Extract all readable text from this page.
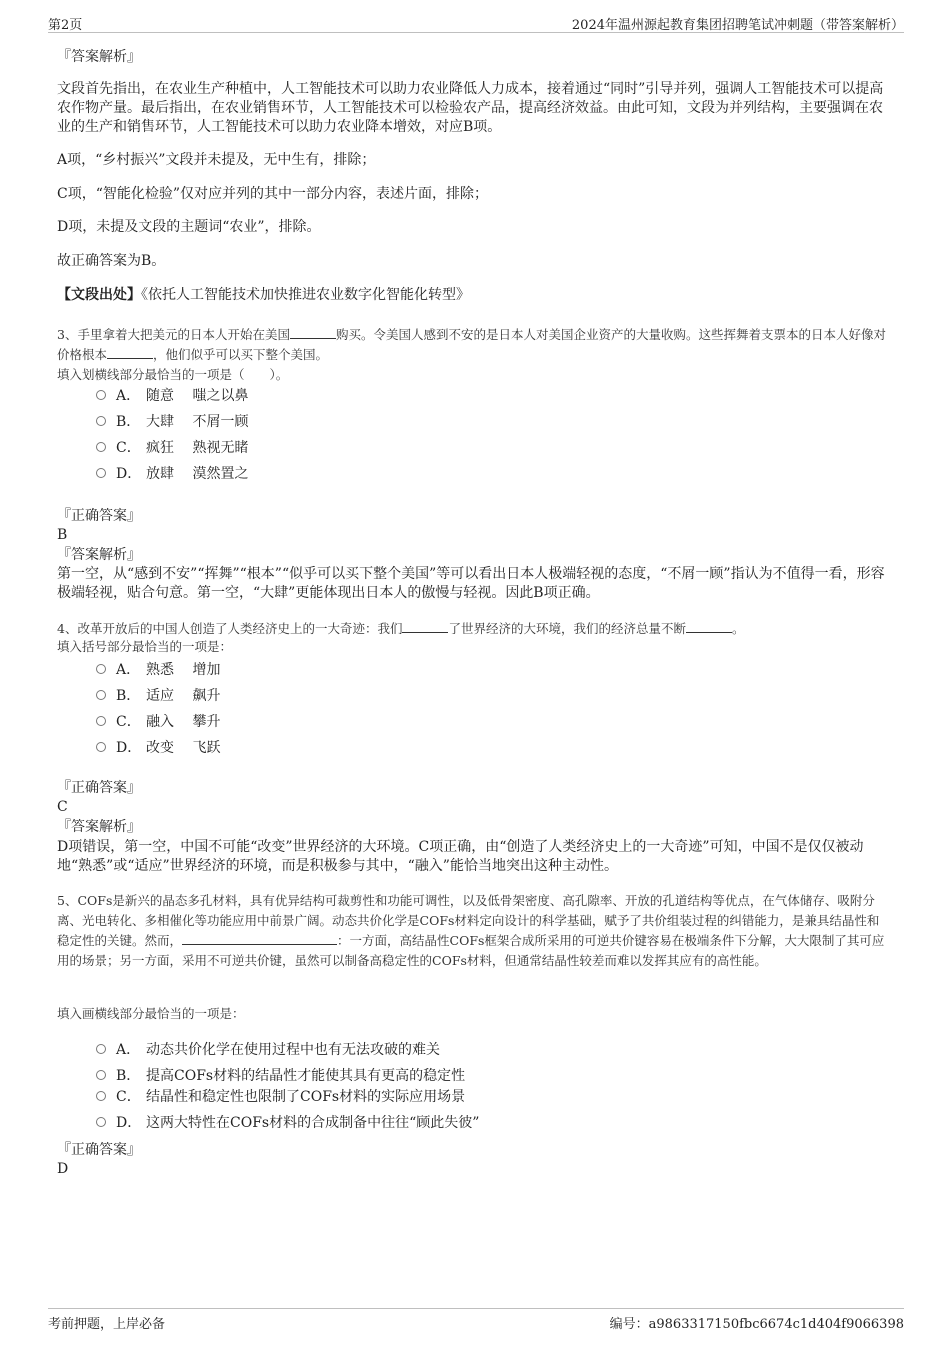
第2页	2024年温州源起教育集团招聘笔试冲刺题（带答案解析）
『答案解析』
文段首先指出，在农业生产种植中，人工智能技术可以助力农业降低人力成本，接着通过“同时”引导并列，强调人工智能技术可以提高农作物产量。最后指出，在农业销售环节，人工智能技术可以检验农产品，提高经济效益。由此可知，文段为并列结构，主要强调在农业的生产和销售环节，人工智能技术可以助力农业降本增效，对应B项。
A项，“乡村振兴”文段并未提及，无中生有，排除；
C项，“智能化检验”仅对应并列的其中一部分内容，表述片面，排除；
D项，未提及文段的主题词“农业”，排除。
故正确答案为B。
【文段出处】《依托人工智能技术加快推进农业数字化智能化转型》
3、手里拿着大把美元的日本人开始在美国	购买。令美国人感到不安的是日本人对美国企业资产的大量收购。这些挥舞着支票本的日本人好像对价格根本	，他们似乎可以买下整个美国。
填入划横线部分最恰当的一项是（　　）。
A． 随意　 嗤之以鼻
B． 大肆　 不屑一顾
C． 疯狂　 熟视无睹
D． 放肆　 漠然置之
『正确答案』
B
『答案解析』
第一空，从“感到不安”“挥舞”“根本”“似乎可以买下整个美国”等可以看出日本人极端轻视的态度，“不屑一顾”指认为不值得一看，形容极端轻视，贴合句意。第一空，“大肆”更能体现出日本人的傲慢与轻视。因此B项正确。
4、改革开放后的中国人创造了人类经济史上的一大奇迹：我们	了世界经济的大环境，我们的经济总量不断	。
填入括号部分最恰当的一项是：
A． 熟悉　 增加
B． 适应　 飙升
C． 融入　 攀升
D． 改变　 飞跃
『正确答案』
C
『答案解析』
D项错误，第一空，中国不可能“改变”世界经济的大环境。C项正确，由“创造了人类经济史上的一大奇迹”可知，中国不是仅仅被动地“熟悉”或“适应”世界经济的环境，而是积极参与其中，“融入”能恰当地突出这种主动性。
5、COFs是新兴的晶态多孔材料，具有优异结构可裁剪性和功能可调性，以及低骨架密度、高孔隙率、开放的孔道结构等优点，在气体储存、吸附分离、光电转化、多相催化等功能应用中前景广阔。动态共价化学是COFs材料定向设计的科学基础，赋予了共价组装过程的纠错能力，是兼具结晶性和稳定性的关键。然而，	：一方面，高结晶性COFs框架合成所采用的可逆共价键容易在极端条件下分解，大大限制了其可应用的场景；另一方面，采用不可逆共价键，虽然可以制备高稳定性的COFs材料，但通常结晶性较差而难以发挥其应有的高性能。
填入画横线部分最恰当的一项是：
A． 动态共价化学在使用过程中也有无法攻破的难关
B． 提高COFs材料的结晶性才能使其具有更高的稳定性
C． 结晶性和稳定性也限制了COFs材料的实际应用场景
D． 这两大特性在COFs材料的合成制备中往往“顾此失彼”
『正确答案』
D
考前押题，上岸必备	编号：a9863317150fbc6674c1d404f9066398
